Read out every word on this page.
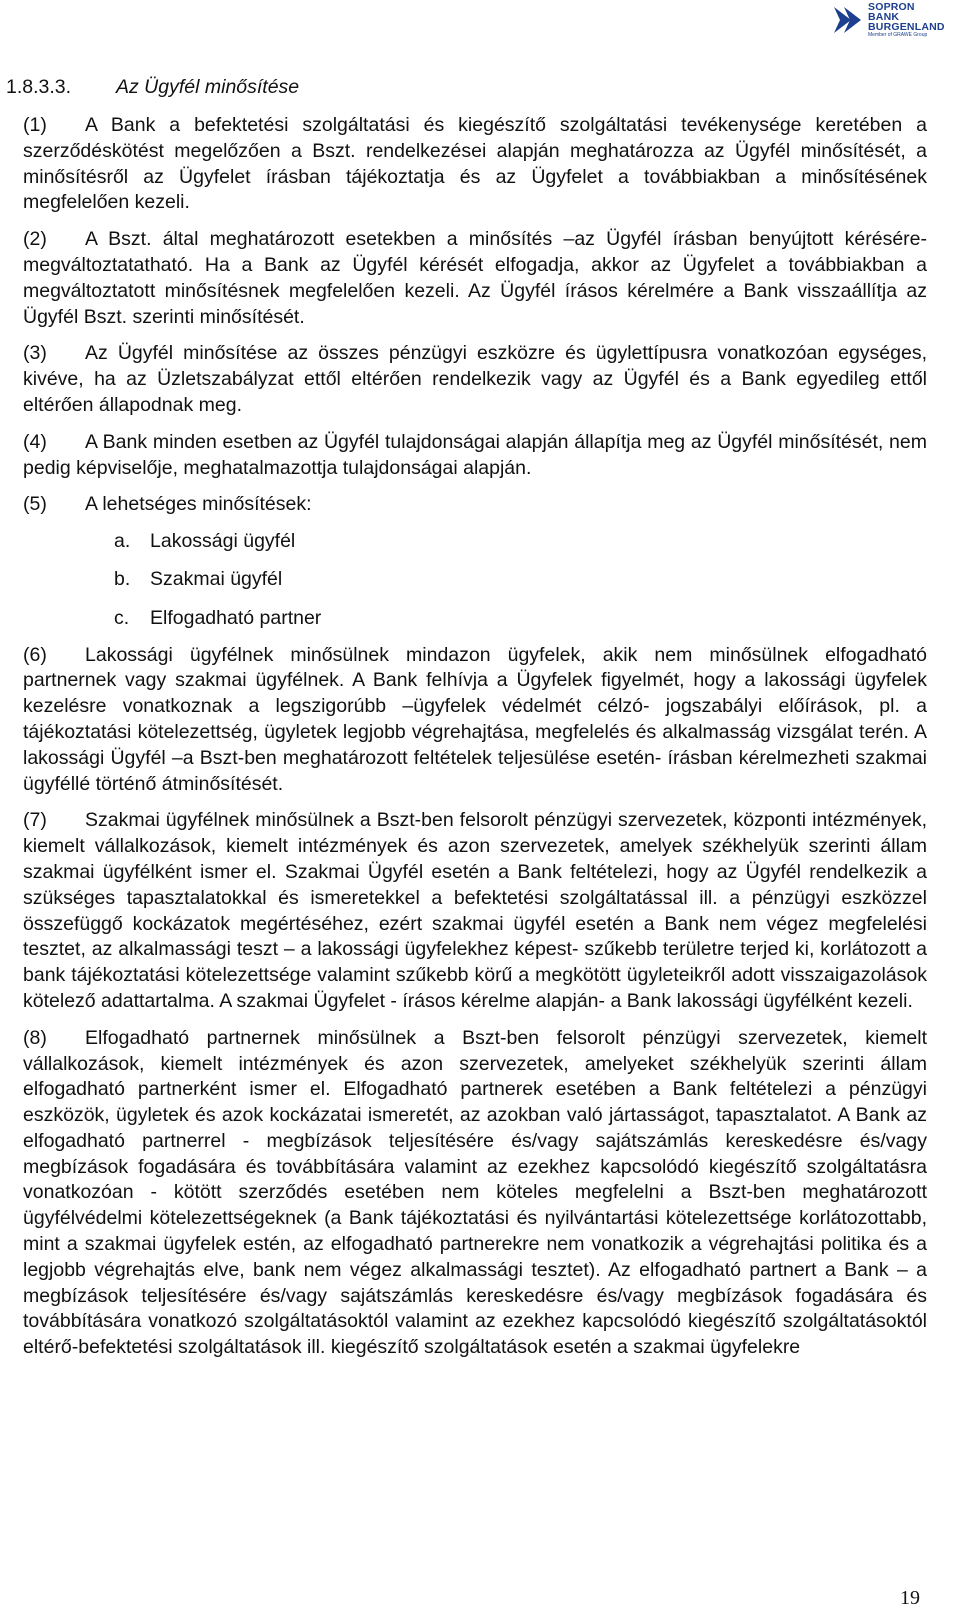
SOPRON
BANK
BURGENLAND
Member of GRAWE Group
1.8.3.3. Az Ügyfél minősítése

(1) A Bank a befektetési szolgáltatási és kiegészítő szolgáltatási tevékenysége keretében a szerződéskötést megelőzően a Bszt. rendelkezései alapján meghatározza az Ügyfél minősítését, a minősítésről az Ügyfelet írásban tájékoztatja és az Ügyfelet a továbbiakban a minősítésének megfelelően kezeli.

(2) A Bszt. által meghatározott esetekben a minősítés –az Ügyfél írásban benyújtott kérésére- megváltoztatatható. Ha a Bank az Ügyfél kérését elfogadja, akkor az Ügyfelet a továbbiakban a megváltoztatott minősítésnek megfelelően kezeli. Az Ügyfél írásos kérelmére a Bank visszaállítja az Ügyfél Bszt. szerinti minősítését.

(3) Az Ügyfél minősítése az összes pénzügyi eszközre és ügylettípusra vonatkozóan egységes, kivéve, ha az Üzletszabályzat ettől eltérően rendelkezik vagy az Ügyfél és a Bank egyedileg ettől eltérően állapodnak meg.

(4) A Bank minden esetben az Ügyfél tulajdonságai alapján állapítja meg az Ügyfél minősítését, nem pedig képviselője, meghatalmazottja tulajdonságai alapján.

(5) A lehetséges minősítések:

a. Lakossági ügyfél
b. Szakmai ügyfél
c. Elfogadható partner

(6) Lakossági ügyfélnek minősülnek mindazon ügyfelek, akik nem minősülnek elfogadható partnernek vagy szakmai ügyfélnek. A Bank felhívja a Ügyfelek figyelmét, hogy a lakossági ügyfelek kezelésre vonatkoznak a legszigorúbb –ügyfelek védelmét célzó- jogszabályi előírások, pl. a tájékoztatási kötelezettség, ügyletek legjobb végrehajtása, megfelelés és alkalmasság vizsgálat terén. A lakossági Ügyfél –a Bszt-ben meghatározott feltételek teljesülése esetén- írásban kérelmezheti szakmai ügyféllé történő átminősítését.

(7) Szakmai ügyfélnek minősülnek a Bszt-ben felsorolt pénzügyi szervezetek, központi intézmények, kiemelt vállalkozások, kiemelt intézmények és azon szervezetek, amelyek székhelyük szerinti állam szakmai ügyfélként ismer el. Szakmai Ügyfél esetén a Bank feltételezi, hogy az Ügyfél rendelkezik a szükséges tapasztalatokkal és ismeretekkel a befektetési szolgáltatással ill. a pénzügyi eszközzel összefüggő kockázatok megértéséhez, ezért szakmai ügyfél esetén a Bank nem végez megfelelési tesztet, az alkalmassági teszt – a lakossági ügyfelekhez képest- szűkebb területre terjed ki, korlátozott a bank tájékoztatási kötelezettsége valamint szűkebb körű a megkötött ügyleteikről adott visszaigazolások kötelező adattartalma. A szakmai Ügyfelet - írásos kérelme alapján- a Bank lakossági ügyfélként kezeli.

(8) Elfogadható partnernek minősülnek a Bszt-ben felsorolt pénzügyi szervezetek, kiemelt vállalkozások, kiemelt intézmények és azon szervezetek, amelyeket székhelyük szerinti állam elfogadható partnerként ismer el. Elfogadható partnerek esetében a Bank feltételezi a pénzügyi eszközök, ügyletek és azok kockázatai ismeretét, az azokban való jártasságot, tapasztalatot. A Bank az elfogadható partnerrel - megbízások teljesítésére és/vagy sajátszámlás kereskedésre és/vagy megbízások fogadására és továbbítására valamint az ezekhez kapcsolódó kiegészítő szolgáltatásra vonatkozóan - kötött szerződés esetében nem köteles megfelelni a Bszt-ben meghatározott ügyfélvédelmi kötelezettségeknek (a Bank tájékoztatási és nyilvántartási kötelezettsége korlátozottabb, mint a szakmai ügyfelek estén, az elfogadható partnerekre nem vonatkozik a végrehajtási politika és a legjobb végrehajtás elve, bank nem végez alkalmassági tesztet). Az elfogadható partnert a Bank – a megbízások teljesítésére és/vagy sajátszámlás kereskedésre és/vagy megbízások fogadására és továbbítására vonatkozó szolgáltatásoktól valamint az ezekhez kapcsolódó kiegészítő szolgáltatásoktól eltérő-befektetési szolgáltatások ill. kiegészítő szolgáltatások esetén a szakmai ügyfelekre

19
